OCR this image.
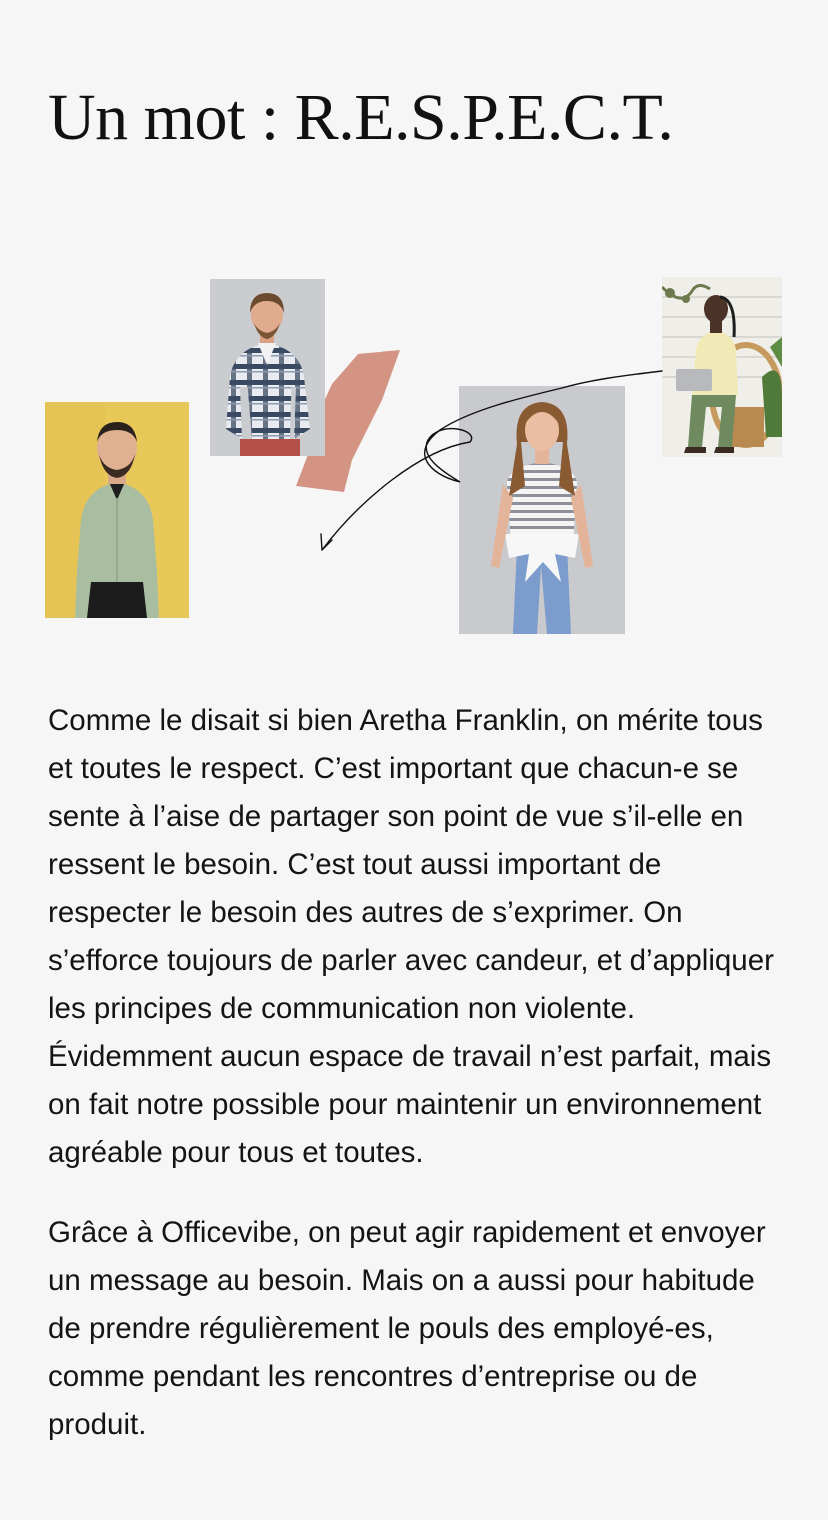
Un mot : R.E.S.P.E.C.T.

Comme le disait si bien Aretha Franklin, on mérite tous et toutes le respect. C’est important que chacun-e se sente à l’aise de partager son point de vue s’il-elle en ressent le besoin. C’est tout aussi important de respecter le besoin des autres de s’exprimer. On s’efforce toujours de parler avec candeur, et d’appliquer les principes de communication non violente. Évidemment aucun espace de travail n’est parfait, mais on fait notre possible pour maintenir un environnement agréable pour tous et toutes.

Grâce à Officevibe, on peut agir rapidement et envoyer un message au besoin. Mais on a aussi pour habitude de prendre régulièrement le pouls des employé-es, comme pendant les rencontres d’entreprise ou de produit.
